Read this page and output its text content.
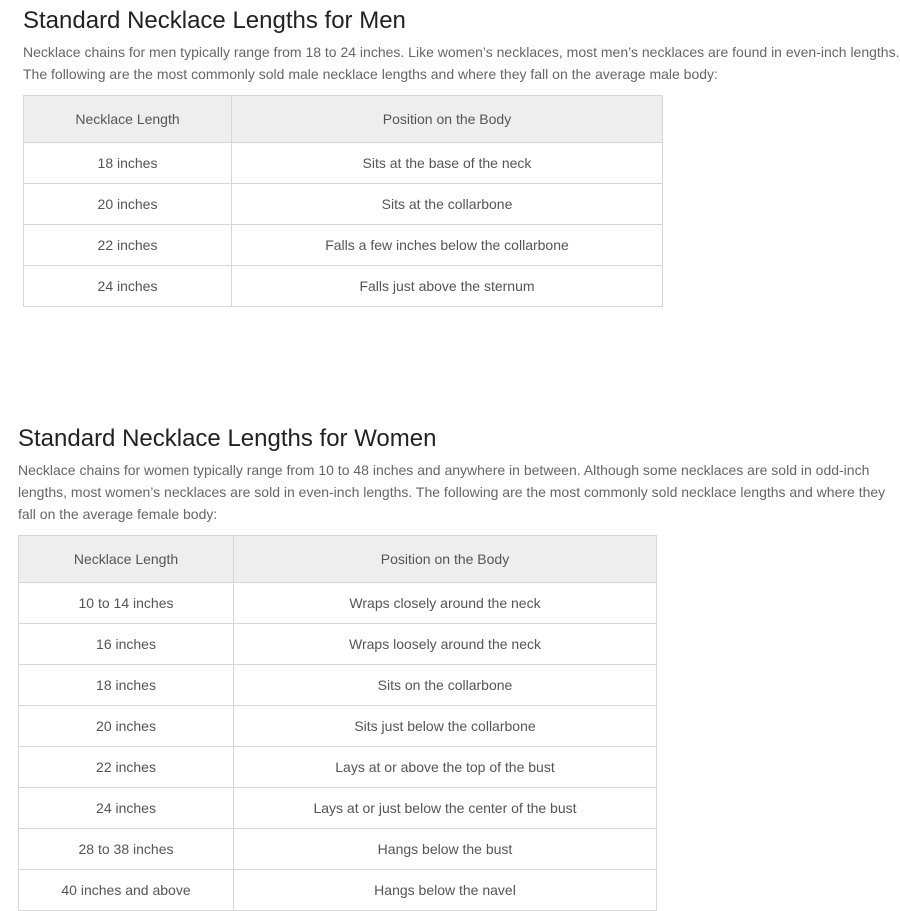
Standard Necklace Lengths for Men

Necklace chains for men typically range from 18 to 24 inches. Like women’s necklaces, most men’s necklaces are found in even-inch lengths. The following are the most commonly sold male necklace lengths and where they fall on the average male body:

Necklace Length	Position on the Body
18 inches	Sits at the base of the neck
20 inches	Sits at the collarbone
22 inches	Falls a few inches below the collarbone
24 inches	Falls just above the sternum
Standard Necklace Lengths for Women

Necklace chains for women typically range from 10 to 48 inches and anywhere in between. Although some necklaces are sold in odd-inch lengths, most women’s necklaces are sold in even-inch lengths. The following are the most commonly sold necklace lengths and where they fall on the average female body:

Necklace Length	Position on the Body
10 to 14 inches	Wraps closely around the neck
16 inches	Wraps loosely around the neck
18 inches	Sits on the collarbone
20 inches	Sits just below the collarbone
22 inches	Lays at or above the top of the bust
24 inches	Lays at or just below the center of the bust
28 to 38 inches	Hangs below the bust
40 inches and above	Hangs below the navel
